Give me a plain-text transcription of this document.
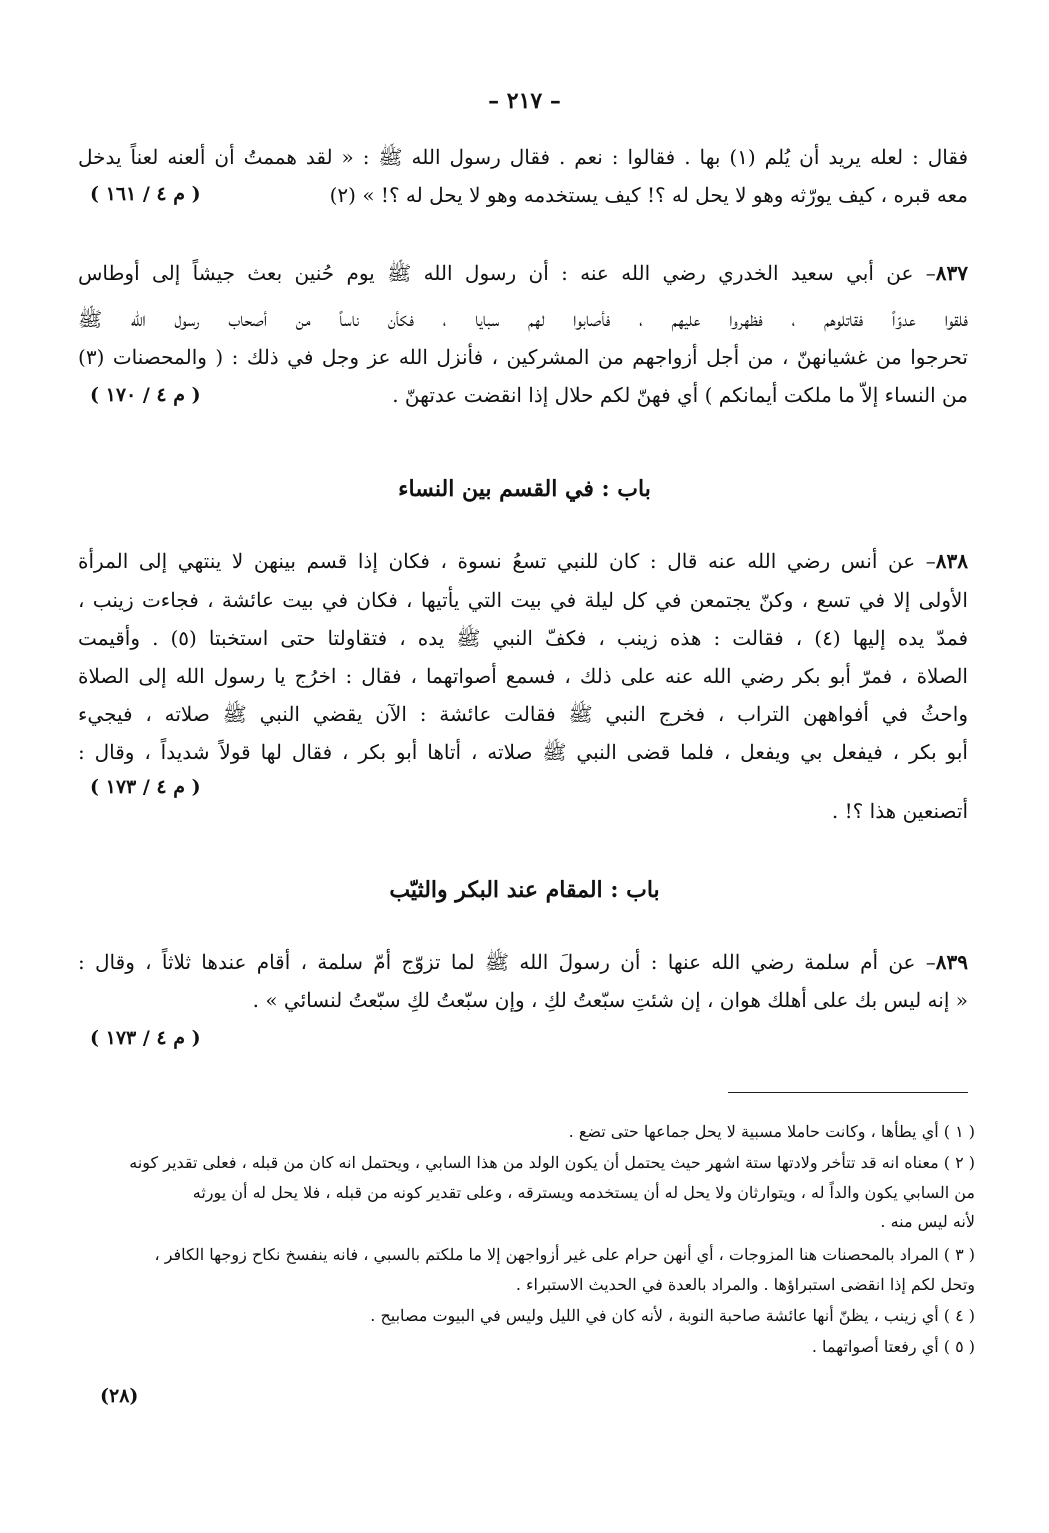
– ٢١٧ –
فقال : لعله يريد أن يُلم (١) بها . فقالوا : نعم . فقال رسول الله ﷺ : « لقد هممتُ أن ألعنه لعناً يدخل
معه قبره ، كيف يورّثه وهو لا يحل له ؟! كيف يستخدمه وهو لا يحل له ؟! » (٢)
( م ٤ / ١٦١ )
٨٣٧– عن أبي سعيد الخدري رضي الله عنه : أن رسول الله ﷺ يوم حُنين بعث جيشاً إلى أوطاس
فلقوا عدوّاً فقاتلوهم ، فظهروا عليهم ، فأصابوا لهم سبايا ، فكأن ناساً من أصحاب رسول الله ﷺ
تحرجوا من غشيانهنّ ، من أجل أزواجهم من المشركين ، فأنزل الله عز وجل في ذلك : ( والمحصنات (٣)
من النساء إلاّ ما ملكت أيمانكم ) أي فهنّ لكم حلال إذا انقضت عدتهنّ .
( م ٤ / ١٧٠ )
باب : في القسم بين النساء
٨٣٨– عن أنس رضي الله عنه قال : كان للنبي تسعُ نسوة ، فكان إذا قسم بينهن لا ينتهي إلى المرأة
الأولى إلا في تسع ، وكنّ يجتمعن في كل ليلة في بيت التي يأتيها ، فكان في بيت عائشة ، فجاءت زينب ،
فمدّ يده إليها (٤) ، فقالت : هذه زينب ، فكفّ النبي ﷺ يده ، فتقاولتا حتى استخبتا (٥) . وأقيمت
الصلاة ، فمرّ أبو بكر رضي الله عنه على ذلك ، فسمع أصواتهما ، فقال : اخرُج يا رسول الله إلى الصلاة
واحثُ في أفواههن التراب ، فخرج النبي ﷺ فقالت عائشة : الآن يقضي النبي ﷺ صلاته ، فيجيء
أبو بكر ، فيفعل بي ويفعل ، فلما قضى النبي ﷺ صلاته ، أتاها أبو بكر ، فقال لها قولاً شديداً ، وقال :
( م ٤ / ١٧٣ )
أتصنعين هذا ؟! .
باب : المقام عند البكر والثيّب
٨٣٩– عن أم سلمة رضي الله عنها : أن رسولَ الله ﷺ لما تزوّج أمّ سلمة ، أقام عندها ثلاثاً ، وقال :
« إنه ليس بك على أهلك هوان ، إن شئتِ سبّعتُ لكِ ، وإن سبّعتُ لكِ سبّعتُ لنسائي » .
( م ٤ / ١٧٣ )
( ١ ) أي يطأها ، وكانت حاملا مسبية لا يحل جماعها حتى تضع .
( ٢ ) معناه انه قد تتأخر ولادتها ستة اشهر حيث يحتمل أن يكون الولد من هذا السابي ، ويحتمل انه كان من قبله ، فعلى تقدير كونه
من السابي يكون والداً له ، ويتوارثان ولا يحل له أن يستخدمه ويسترقه ، وعلى تقدير كونه من قبله ، فلا يحل له أن يورثه
لأنه ليس منه .
( ٣ ) المراد بالمحصنات هنا المزوجات ، أي أنهن حرام على غير أزواجهن إلا ما ملكتم بالسبي ، فانه ينفسخ نكاح زوجها الكافر ،
وتحل لكم إذا انقضى استبراؤها . والمراد بالعدة في الحديث الاستبراء .
( ٤ ) أي زينب ، يظنّ أنها عائشة صاحبة النوبة ، لأنه كان في الليل وليس في البيوت مصابيح .
( ٥ ) أي رفعتا أصواتهما .
(٢٨)
